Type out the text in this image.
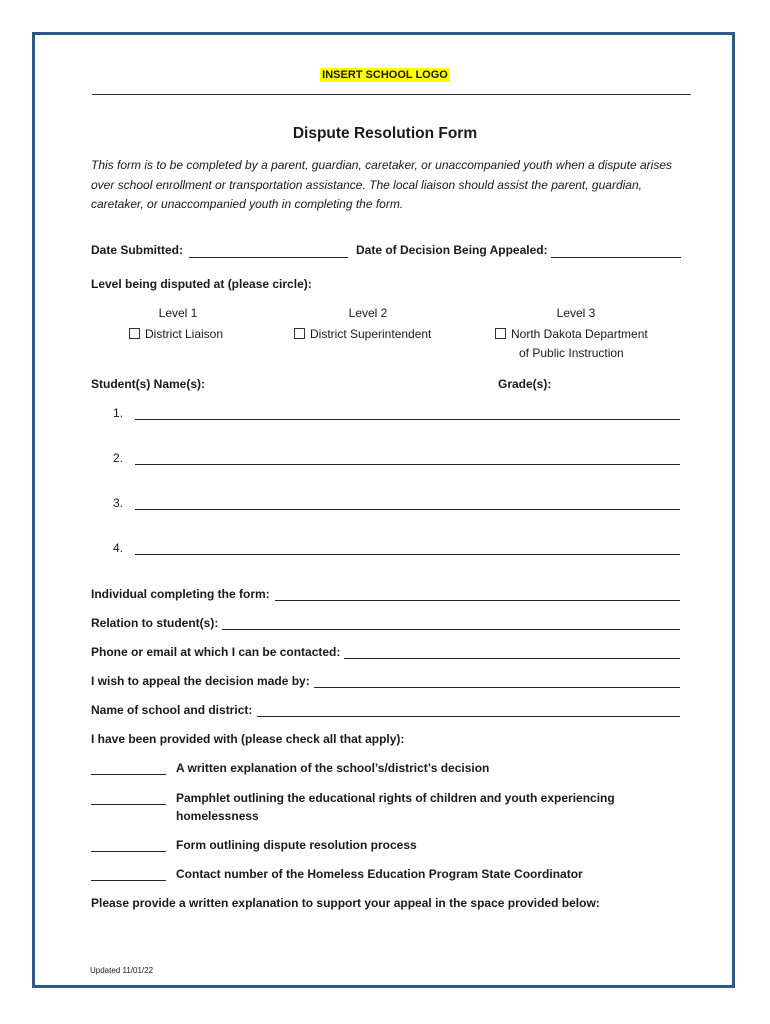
INSERT SCHOOL LOGO
Dispute Resolution Form
This form is to be completed by a parent, guardian, caretaker, or unaccompanied youth when a dispute arises over school enrollment or transportation assistance. The local liaison should assist the parent, guardian, caretaker, or unaccompanied youth in completing the form.
Date Submitted:	Date of Decision Being Appealed:
Level being disputed at (please circle):
Level 1
District Liaison
Level 2
District Superintendent
Level 3
North Dakota Department
of Public Instruction
Student(s) Name(s):	Grade(s):
1.
2.
3.
4.
Individual completing the form:
Relation to student(s):
Phone or email at which I can be contacted:
I wish to appeal the decision made by:
Name of school and district:
I have been provided with (please check all that apply):
A written explanation of the school’s/district’s decision
Pamphlet outlining the educational rights of children and youth experiencing
homelessness
Form outlining dispute resolution process
Contact number of the Homeless Education Program State Coordinator
Please provide a written explanation to support your appeal in the space provided below:
Updated 11/01/22
